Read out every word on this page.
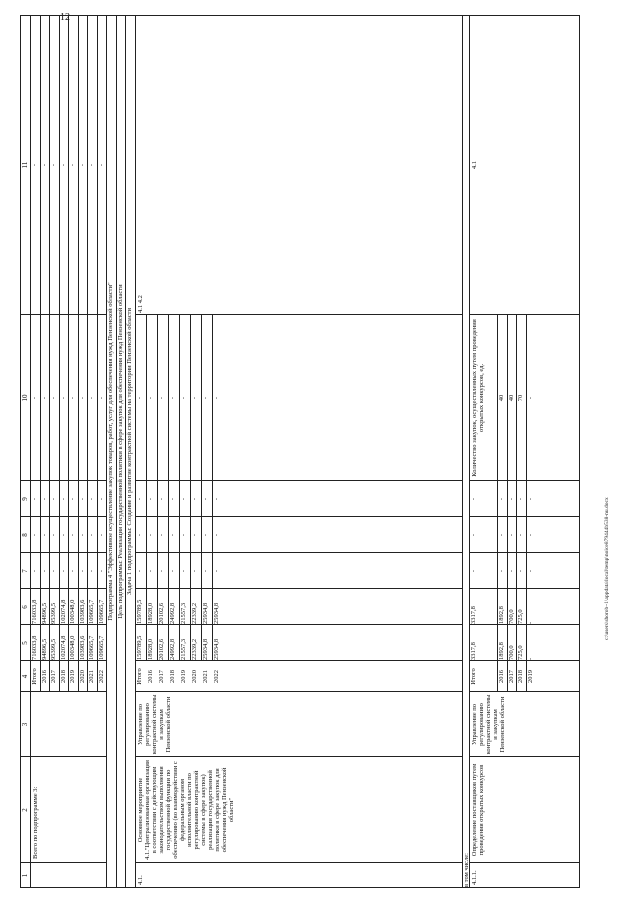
12
c:\users\shorob~1\appdata\local\temp\noice879444b538-nu.docx
1
2
3
4
5
6
7
8
9
10
11
Итого
716033,8
716033,8
-
-
-
-
-
2016
94896,5
94896,5
-
-
-
-
-
2017
95399,5
95399,5
-
-
-
-
-
2018
102074,8
102074,8
-
-
-
-
-
2019
100348,0
100348,0
-
-
-
-
-
2020
103983,6
103983,6
-
-
-
-
-
2021
109665,7
109665,7
-
-
-
-
-
2022
109665,7
109665,7
-
-
-
-
-
Всего по подпрограмме 3:
Подпрограмма 4 "Эффективное осуществление закупок товаров, работ, услуг для обеспечения нужд Пензенской области" Цель подпрограммы: Реализация государственной политики в сфере закупок для обеспечения нужд Пензенской области Задача 1 подпрограммы: Создание и развитие контрактной системы на территории Пензенской области
Итого
159789,5
159789,5
-
-
-
-
2016
18928,0
18928,0
-
-
-
-
2017
20102,6
20102,6
-
-
-
-
2018
24992,8
24992,8
-
-
-
-
2019
21557,3
21557,3
-
-
-
-
2020
22339,2
22339,2
-
-
-
-
2021
25934,8
25934,8
-
-
-
-
2022
25934,8
25934,8
-
-
-
-
4.1.
Основное мероприятие 4.1."Централизованная организация в соответствии с действующим законодательством выполнения государственной функции по обеспечению (во взаимодействии с федеральным органом исполнительной власти по регулированию контрактной системы в сфере закупок) реализации государственной политики в сфере закупок для обеспечения нужд Пензенской области"
Управление по регулированию контрактной системы и закупкам Пензенской области
4.1 4.2
в том числе:
Итого
3317,8
3317,8
-
-
-
2016
1892,8
1892,8
-
-
-
40
2017
700,0
700,0
-
-
-
40
2018
725,0
725,0
-
-
-
70
2019
-
-
-
-
-
-
4.1.1.
Определение поставщиков путем проведения открытых конкурсов
Управление по регулированию контрактной системы и закупкам Пензенской области
Количество закупок, осуществленных путем проведения открытых конкурсов, ед.
4.1
